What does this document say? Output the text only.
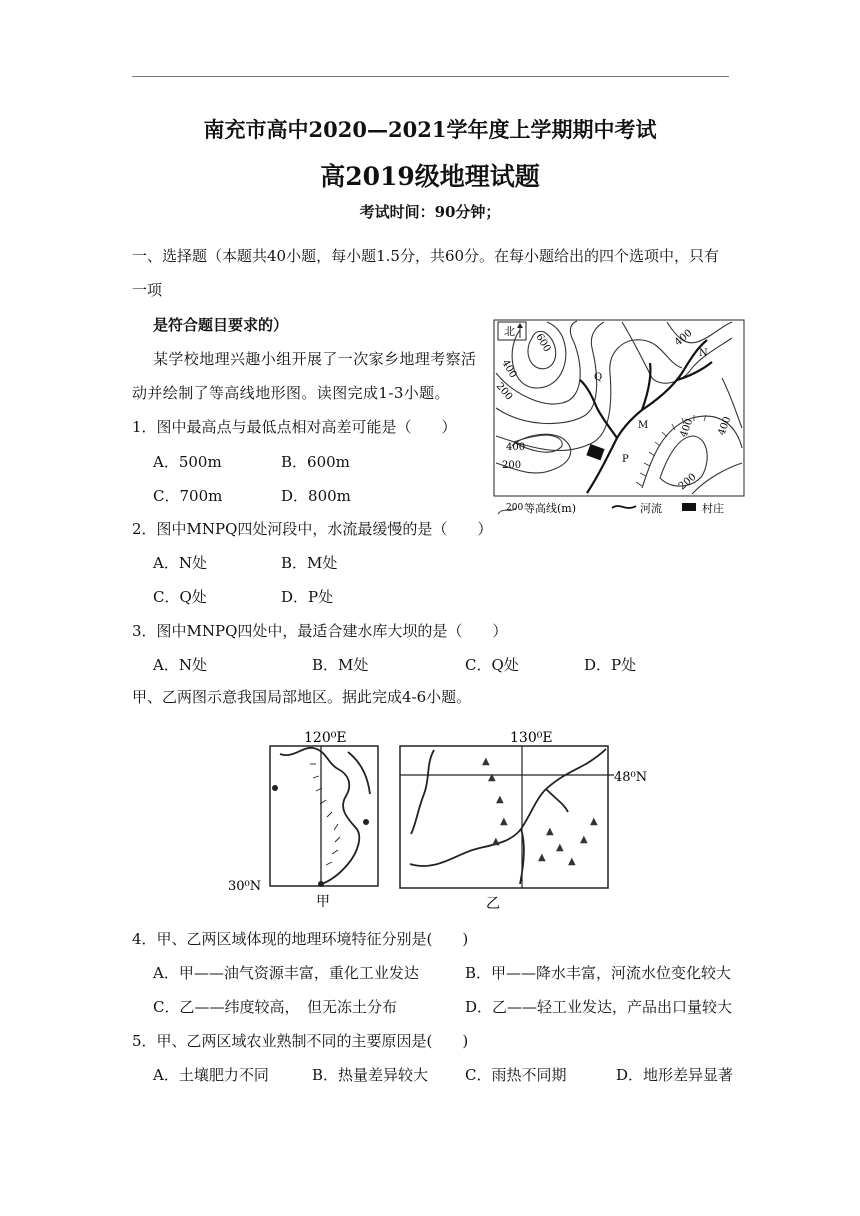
南充市高中2020—2021学年度上学期期中考试
高2019级地理试题
考试时间：90分钟；
一、选择题（本题共40小题，每小题1.5分，共60分。在每小题给出的四个选项中，只有
一项
是符合题目要求的）
某学校地理兴趣小组开展了一次家乡地理考察活
动并绘制了等高线地形图。读图完成1-3小题。
1．图中最高点与最低点相对高差可能是（　　）
A．500m	B．600m
C．700m	D．800m
2．图中MNPQ四处河段中，水流最缓慢的是（　　）
A．N处	B．M处
C．Q处	D．P处
3．图中MNPQ四处中，最适合建水库大坝的是（　　）
A．N处	B．M处	C．Q处	D．P处
甲、乙两图示意我国局部地区。据此完成4-6小题。
北
Q
M
N
P
600
400
200
400
200
400
400 400
200
200 等高线(m)	河流	村庄
120⁰E
30⁰N
甲
130⁰E
48⁰N
乙
▲
▲
▲
▲
▲
▲
▲
▲
▲
▲
▲
4．甲、乙两区域体现的地理环境特征分别是(　　)
A．甲——油气资源丰富，重化工业发达	B．甲——降水丰富，河流水位变化较大
C．乙——纬度较高，　但无冻土分布	D．乙——轻工业发达，产品出口量较大
5．甲、乙两区域农业熟制不同的主要原因是(　　)
A．土壤肥力不同	B．热量差异较大 C．雨热不同期	D．地形差异显著
